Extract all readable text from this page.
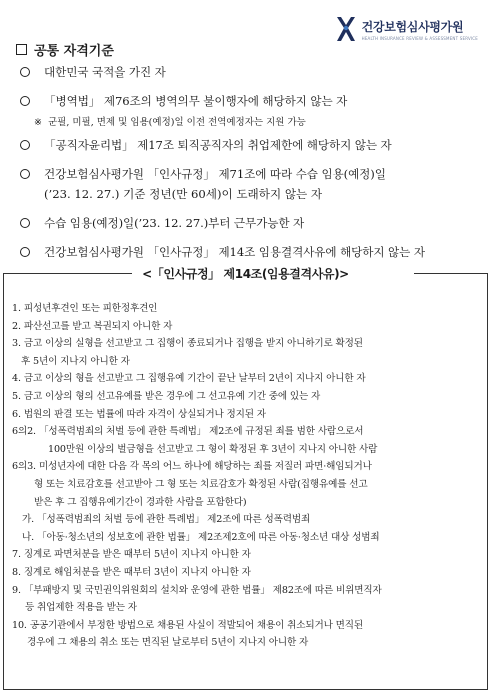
건강보험심사평가원
HEALTH INSURANCE REVIEW & ASSESSMENT SERVICE
공통 자격기준
대한민국 국적을 가진 자
「병역법」 제76조의 병역의무 불이행자에 해당하지 않는 자
※ 군필, 미필, 면제 및 임용(예정)일 이전 전역예정자는 지원 가능
「공직자윤리법」 제17조 퇴직공직자의 취업제한에 해당하지 않는 자
건강보험심사평가원 「인사규정」 제71조에 따라 수습 임용(예정)일
(’23. 12. 27.) 기준 정년(만 60세)이 도래하지 않는 자
수습 임용(예정)일(’23. 12. 27.)부터 근무가능한 자
건강보험심사평가원 「인사규정」 제14조 임용결격사유에 해당하지 않는 자
<「인사규정」 제14조(임용결격사유)>
1. 피성년후견인 또는 피한정후견인
2. 파산선고를 받고 복권되지 아니한 자
3. 금고 이상의 실형을 선고받고 그 집행이 종료되거나 집행을 받지 아니하기로 확정된
후 5년이 지나지 아니한 자
4. 금고 이상의 형을 선고받고 그 집행유예 기간이 끝난 날부터 2년이 지나지 아니한 자
5. 금고 이상의 형의 선고유예를 받은 경우에 그 선고유예 기간 중에 있는 자
6. 법원의 판결 또는 법률에 따라 자격이 상실되거나 정지된 자
6의2. 「성폭력범죄의 처벌 등에 관한 특례법」 제2조에 규정된 죄를 범한 사람으로서
100만원 이상의 벌금형을 선고받고 그 형이 확정된 후 3년이 지나지 아니한 사람
6의3. 미성년자에 대한 다음 각 목의 어느 하나에 해당하는 죄를 저질러 파면·해임되거나
형 또는 치료감호를 선고받아 그 형 또는 치료감호가 확정된 사람(집행유예를 선고
받은 후 그 집행유예기간이 경과한 사람을 포함한다)
가. 「성폭력범죄의 처벌 등에 관한 특례법」 제2조에 따른 성폭력범죄
나. 「아동·청소년의 성보호에 관한 법률」 제2조제2호에 따른 아동·청소년 대상 성범죄
7. 징계로 파면처분을 받은 때부터 5년이 지나지 아니한 자
8. 징계로 해임처분을 받은 때부터 3년이 지나지 아니한 자
9. 「부패방지 및 국민권익위원회의 설치와 운영에 관한 법률」 제82조에 따른 비위면직자
등 취업제한 적용을 받는 자
10. 공공기관에서 부정한 방법으로 채용된 사실이 적발되어 채용이 취소되거나 면직된
경우에 그 채용의 취소 또는 면직된 날로부터 5년이 지나지 아니한 자
